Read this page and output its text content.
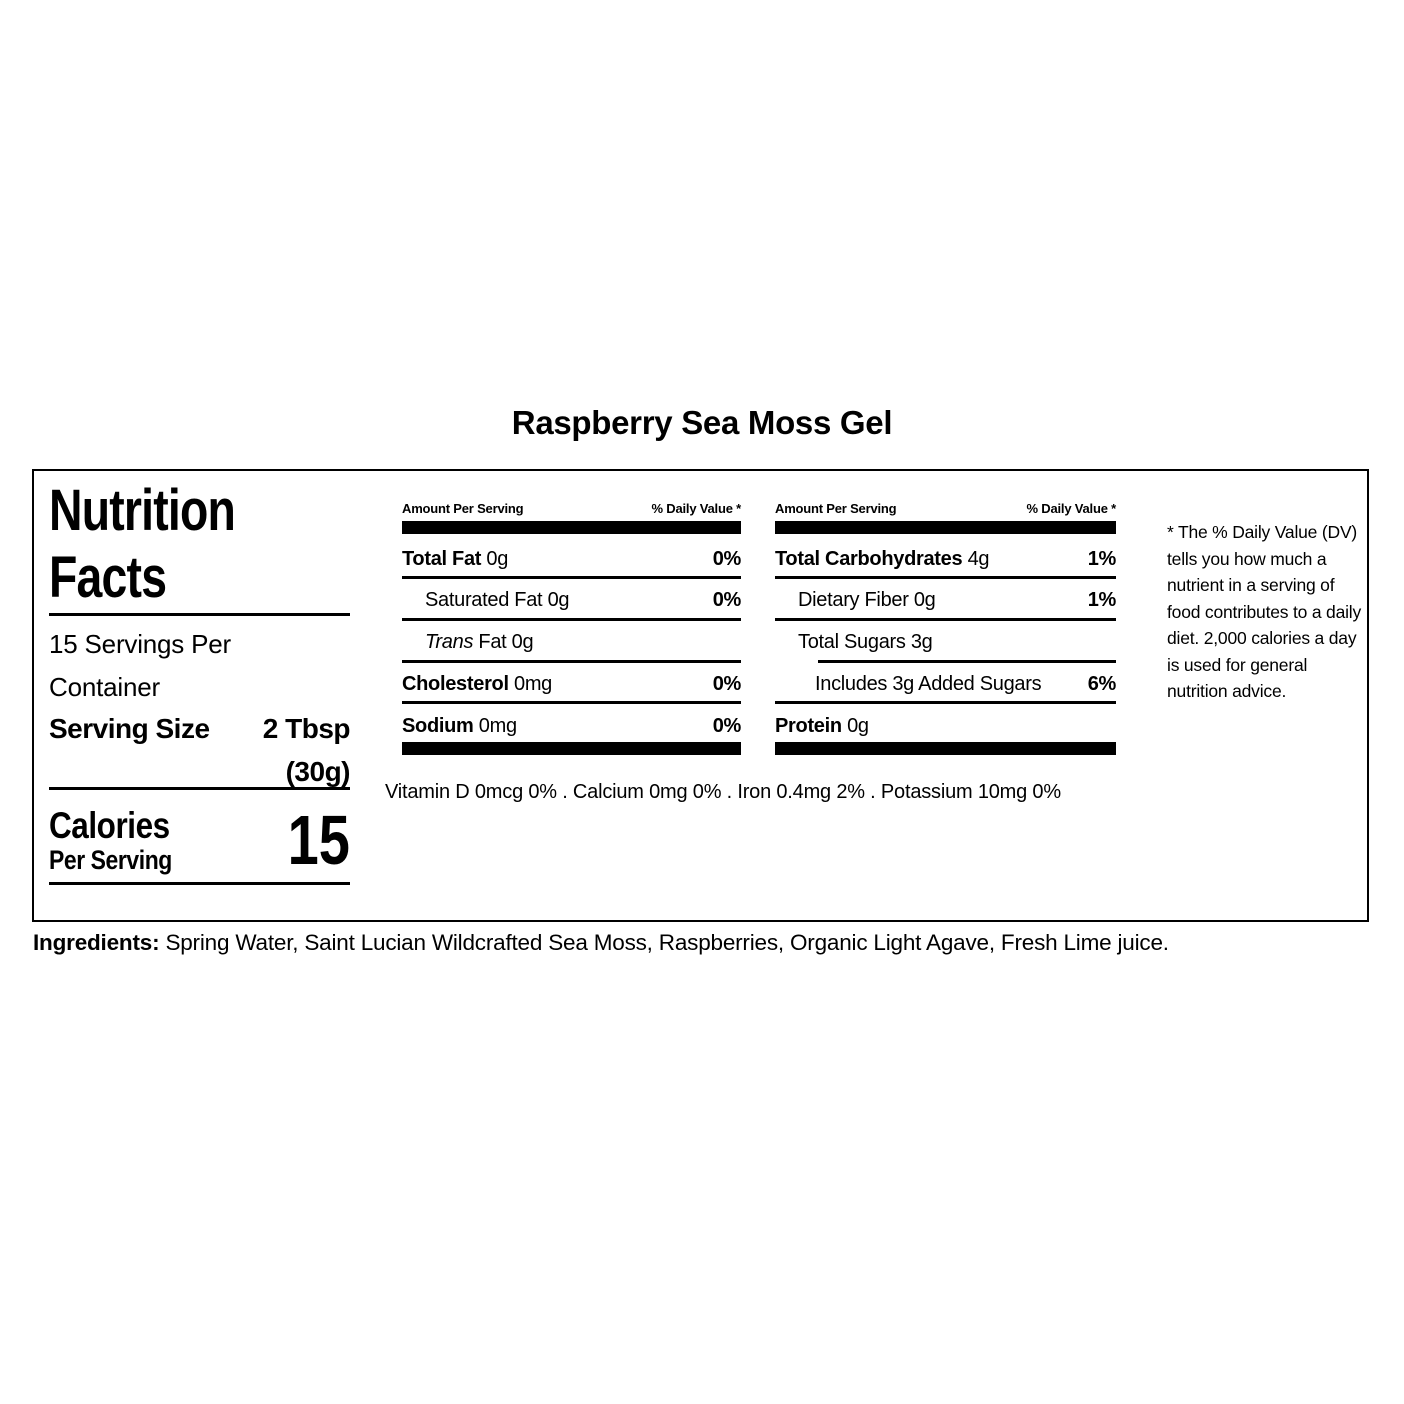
Raspberry Sea Moss Gel
Nutrition
Facts
15 Servings Per Container
Serving Size 2 Tbsp
(30g)
Calories
Per Serving 15
Amount Per Serving	% Daily Value *
Total Fat 0g	0%
Saturated Fat 0g	0%
Trans Fat 0g
Cholesterol 0mg	0%
Sodium 0mg	0%
Amount Per Serving	% Daily Value *
Total Carbohydrates 4g	1%
Dietary Fiber 0g	1%
Total Sugars 3g
Includes 3g Added Sugars 6%
Protein 0g
Vitamin D 0mcg 0% . Calcium 0mg 0% . Iron 0.4mg 2% . Potassium 10mg 0%
* The % Daily Value (DV) tells you how much a nutrient in a serving of food contributes to a daily diet. 2,000 calories a day is used for general nutrition advice.
Ingredients: Spring Water, Saint Lucian Wildcrafted Sea Moss, Raspberries, Organic Light Agave, Fresh Lime juice.
